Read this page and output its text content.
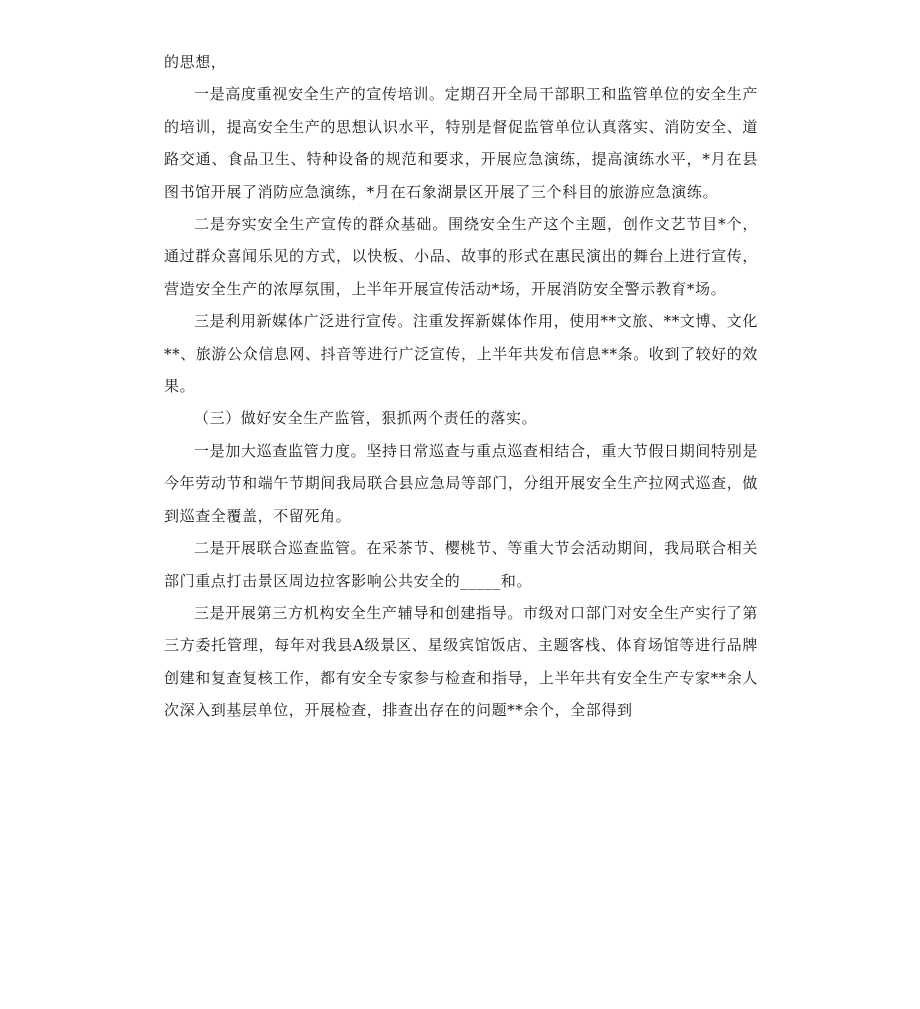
的思想，

一是高度重视安全生产的宣传培训。定期召开全局干部职工和监管单位的安全生产的培训，提高安全生产的思想认识水平，特别是督促监管单位认真落实、消防安全、道路交通、食品卫生、特种设备的规范和要求，开展应急演练，提高演练水平，*月在县图书馆开展了消防应急演练，*月在石象湖景区开展了三个科目的旅游应急演练。

二是夯实安全生产宣传的群众基础。围绕安全生产这个主题，创作文艺节目*个，通过群众喜闻乐见的方式，以快板、小品、故事的形式在惠民演出的舞台上进行宣传，营造安全生产的浓厚氛围，上半年开展宣传活动*场，开展消防安全警示教育*场。

三是利用新媒体广泛进行宣传。注重发挥新媒体作用，使用**文旅、**文博、文化**、旅游公众信息网、抖音等进行广泛宣传，上半年共发布信息**条。收到了较好的效果。

（三）做好安全生产监管，狠抓两个责任的落实。

一是加大巡查监管力度。坚持日常巡查与重点巡查相结合，重大节假日期间特别是今年劳动节和端午节期间我局联合县应急局等部门，分组开展安全生产拉网式巡查，做到巡查全覆盖，不留死角。

二是开展联合巡查监管。在采茶节、樱桃节、等重大节会活动期间，我局联合相关部门重点打击景区周边拉客影响公共安全的_____和。

三是开展第三方机构安全生产辅导和创建指导。市级对口部门对安全生产实行了第三方委托管理，每年对我县A级景区、星级宾馆饭店、主题客栈、体育场馆等进行品牌创建和复查复核工作，都有安全专家参与检查和指导，上半年共有安全生产专家**余人次深入到基层单位，开展检查，排查出存在的问题**余个，全部得到
